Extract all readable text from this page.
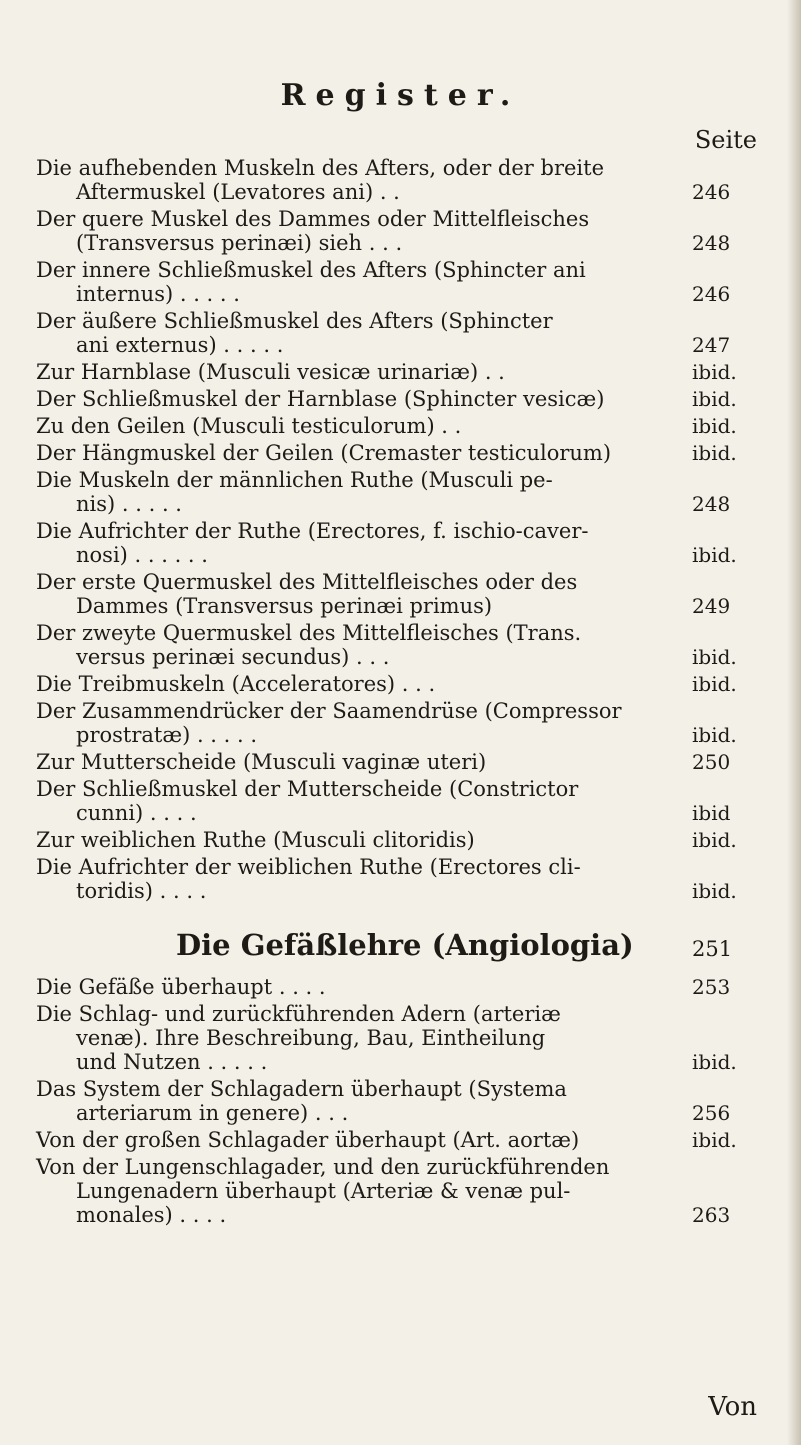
Register.
Seite
Die aufhebenden Muskeln des Afters, oder der breite
Aftermuskel (Levatores ani) . .	246
Der quere Muskel des Dammes oder Mittelfleisches
(Transversus perinæi) sieh . . .	248
Der innere Schließmuskel des Afters (Sphincter ani
internus) . . . . .	246
Der äußere Schließmuskel des Afters (Sphincter
ani externus) . . . . .	247
Zur Harnblase (Musculi vesicæ urinariæ) . .	ibid.
Der Schließmuskel der Harnblase (Sphincter vesicæ)	ibid.
Zu den Geilen (Musculi testiculorum) . .	ibid.
Der Hängmuskel der Geilen (Cremaster testiculorum)	ibid.
Die Muskeln der männlichen Ruthe (Musculi pe-
nis) . . . . .	248
Die Aufrichter der Ruthe (Erectores, f. ischio-caver-
nosi) . . . . . .	ibid.
Der erste Quermuskel des Mittelfleisches oder des
Dammes (Transversus perinæi primus)	249
Der zweyte Quermuskel des Mittelfleisches (Trans.
versus perinæi secundus) . . .	ibid.
Die Treibmuskeln (Acceleratores) . . .	ibid.
Der Zusammendrücker der Saamendrüse (Compressor
prostratæ) . . . . .	ibid.
Zur Mutterscheide (Musculi vaginæ uteri)	250
Der Schließmuskel der Mutterscheide (Constrictor
cunni) . . . .	ibid
Zur weiblichen Ruthe (Musculi clitoridis)	ibid.
Die Aufrichter der weiblichen Ruthe (Erectores cli-
toridis) . . . .	ibid.
Die Gefäßlehre (Angiologia)	251
Die Gefäße überhaupt . . . .	253
Die Schlag- und zurückführenden Adern (arteriæ
venæ). Ihre Beschreibung, Bau, Eintheilung
und Nutzen . . . . .	ibid.
Das System der Schlagadern überhaupt (Systema
arteriarum in genere) . . .	256
Von der großen Schlagader überhaupt (Art. aortæ)	ibid.
Von der Lungenschlagader, und den zurückführenden
Lungenadern überhaupt (Arteriæ & venæ pul-
monales) . . . .	263
Von
